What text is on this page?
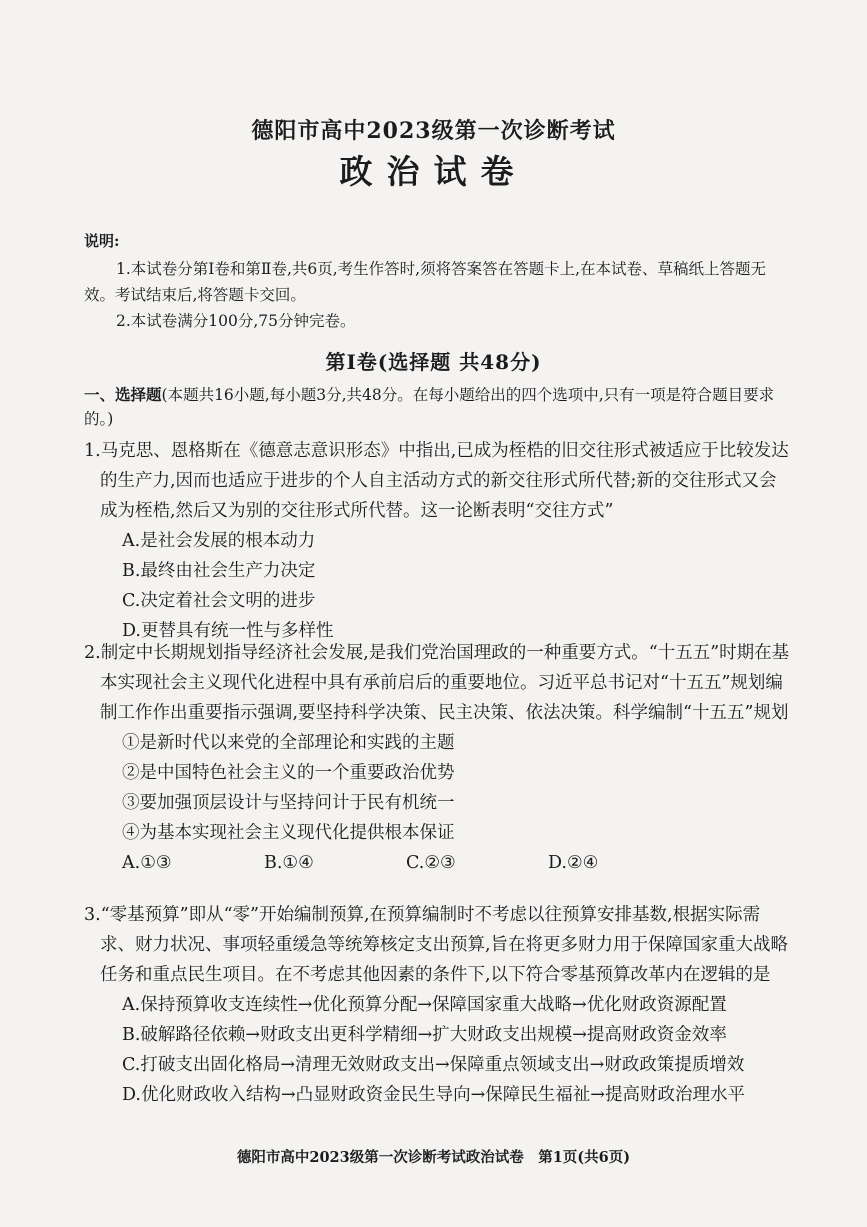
德阳市高中2023级第一次诊断考试
政治试卷
说明:
1.本试卷分第Ⅰ卷和第Ⅱ卷,共6页,考生作答时,须将答案答在答题卡上,在本试卷、草稿纸上答题无效。考试结束后,将答题卡交回。
2.本试卷满分100分,75分钟完卷。
第Ⅰ卷(选择题 共48分)
一、选择题(本题共16小题,每小题3分,共48分。在每小题给出的四个选项中,只有一项是符合题目要求的。)
1.马克思、恩格斯在《德意志意识形态》中指出,已成为桎梏的旧交往形式被适应于比较发达的生产力,因而也适应于进步的个人自主活动方式的新交往形式所代替;新的交往形式又会成为桎梏,然后又为别的交往形式所代替。这一论断表明“交往方式”
A.是社会发展的根本动力
B.最终由社会生产力决定
C.决定着社会文明的进步
D.更替具有统一性与多样性
2.制定中长期规划指导经济社会发展,是我们党治国理政的一种重要方式。“十五五”时期在基本实现社会主义现代化进程中具有承前启后的重要地位。习近平总书记对“十五五”规划编制工作作出重要指示强调,要坚持科学决策、民主决策、依法决策。科学编制“十五五”规划
①是新时代以来党的全部理论和实践的主题
②是中国特色社会主义的一个重要政治优势
③要加强顶层设计与坚持问计于民有机统一
④为基本实现社会主义现代化提供根本保证
A.①③	B.①④	C.②③	D.②④
3.“零基预算”即从“零”开始编制预算,在预算编制时不考虑以往预算安排基数,根据实际需求、财力状况、事项轻重缓急等统筹核定支出预算,旨在将更多财力用于保障国家重大战略任务和重点民生项目。在不考虑其他因素的条件下,以下符合零基预算改革内在逻辑的是
A.保持预算收支连续性→优化预算分配→保障国家重大战略→优化财政资源配置
B.破解路径依赖→财政支出更科学精细→扩大财政支出规模→提高财政资金效率
C.打破支出固化格局→清理无效财政支出→保障重点领域支出→财政政策提质增效
D.优化财政收入结构→凸显财政资金民生导向→保障民生福祉→提高财政治理水平
德阳市高中2023级第一次诊断考试政治试卷　第1页(共6页)
